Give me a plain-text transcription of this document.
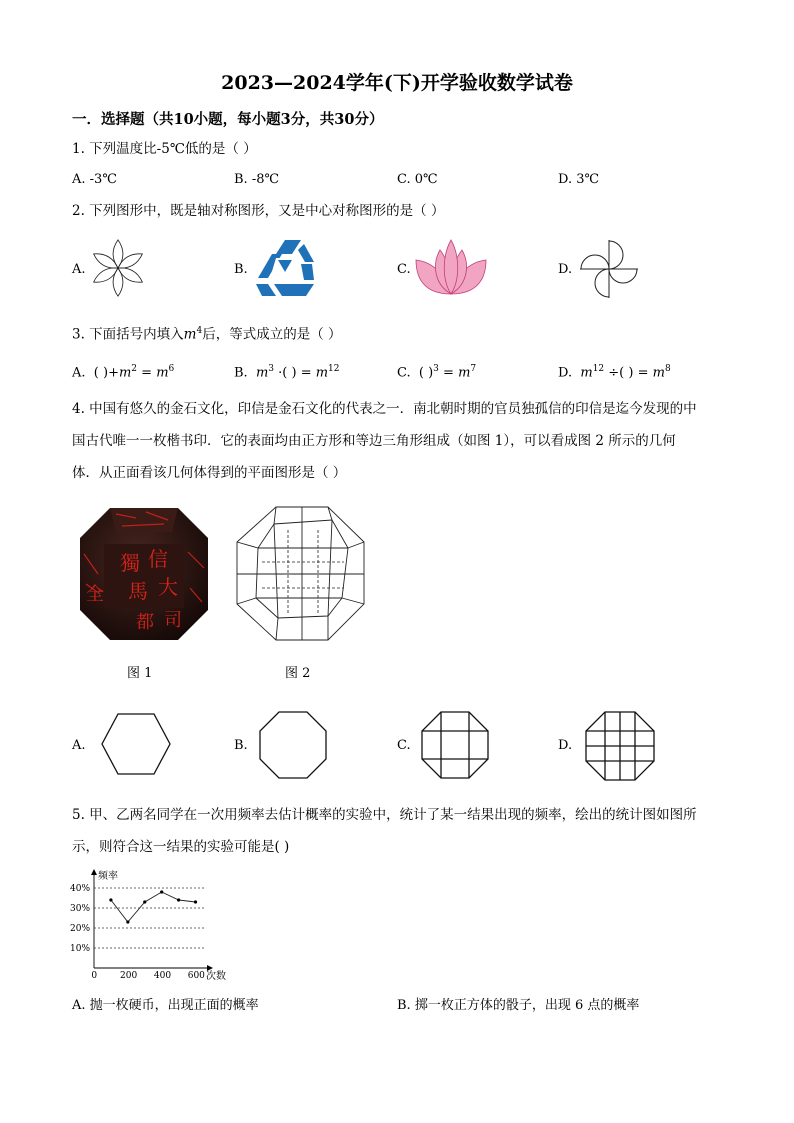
2023—2024学年(下)开学验收数学试卷
一．选择题（共10小题，每小题3分，共30分）
1. 下列温度比-5℃低的是（ ）
A. -3℃	B. -8℃	C. 0℃	D. 3℃
2. 下列图形中，既是轴对称图形，又是中心对称图形的是（ ）
A.	B.	C.	D.
3. 下面括号内填入$m^4$后，等式成立的是（ ）
A. ( )$+m^2 = m^6$	B. $m^3$ ·( ) = $m^{12}$	C. ( )$^3 = m^7$	D. $m^{12}$ ÷( ) = $m^8$
4. 中国有悠久的金石文化，印信是金石文化的代表之一．南北朝时期的官员独孤信的印信是迄今发现的中
国古代唯一一枚楷书印．它的表面均由正方形和等边三角形组成（如图 1），可以看成图 2 所示的几何
体．从正面看该几何体得到的平面图形是（ ）
獨 信
馬 大
都 司
全
图 1	图 2
A.	B.	C.	D.
5. 甲、乙两名同学在一次用频率去估计概率的实验中，统计了某一结果出现的频率，绘出的统计图如图所
示，则符合这一结果的实验可能是( )
频率
次数
10%
20%
30%
40%
0	200 400 600
A. 抛一枚硬币，出现正面的概率	B. 掷一枚正方体的骰子，出现 6 点的概率
